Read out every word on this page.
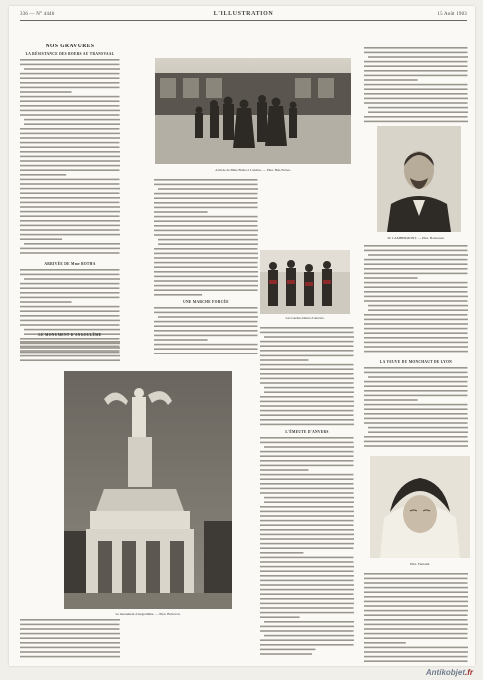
336 — N° 4446	L'ILLUSTRATION	15 Août 1903
NOS GRAVURES
LA RÉSISTANCE DES BOERS AU TRANSVAAL
ARRIVÉE DE Mme BOTHA
Arrivée de Mme Botha à Londres. — Phot. Ben-Frères.
UNE MARCHE FORCÉE
Les Gardes-blancs d'Anvers.
M. LAMBERMONT. — Phot. Boissonas.
LA VEUVE DU MONCHAUT DE LYON
L'ÉMEUTE D'ANVERS
Le monument d'Angoulême. — Phot. Boilevon.
LE MONUMENT D'ANGOULÊME
Phot. Fernand.
Antikobjet.fr
